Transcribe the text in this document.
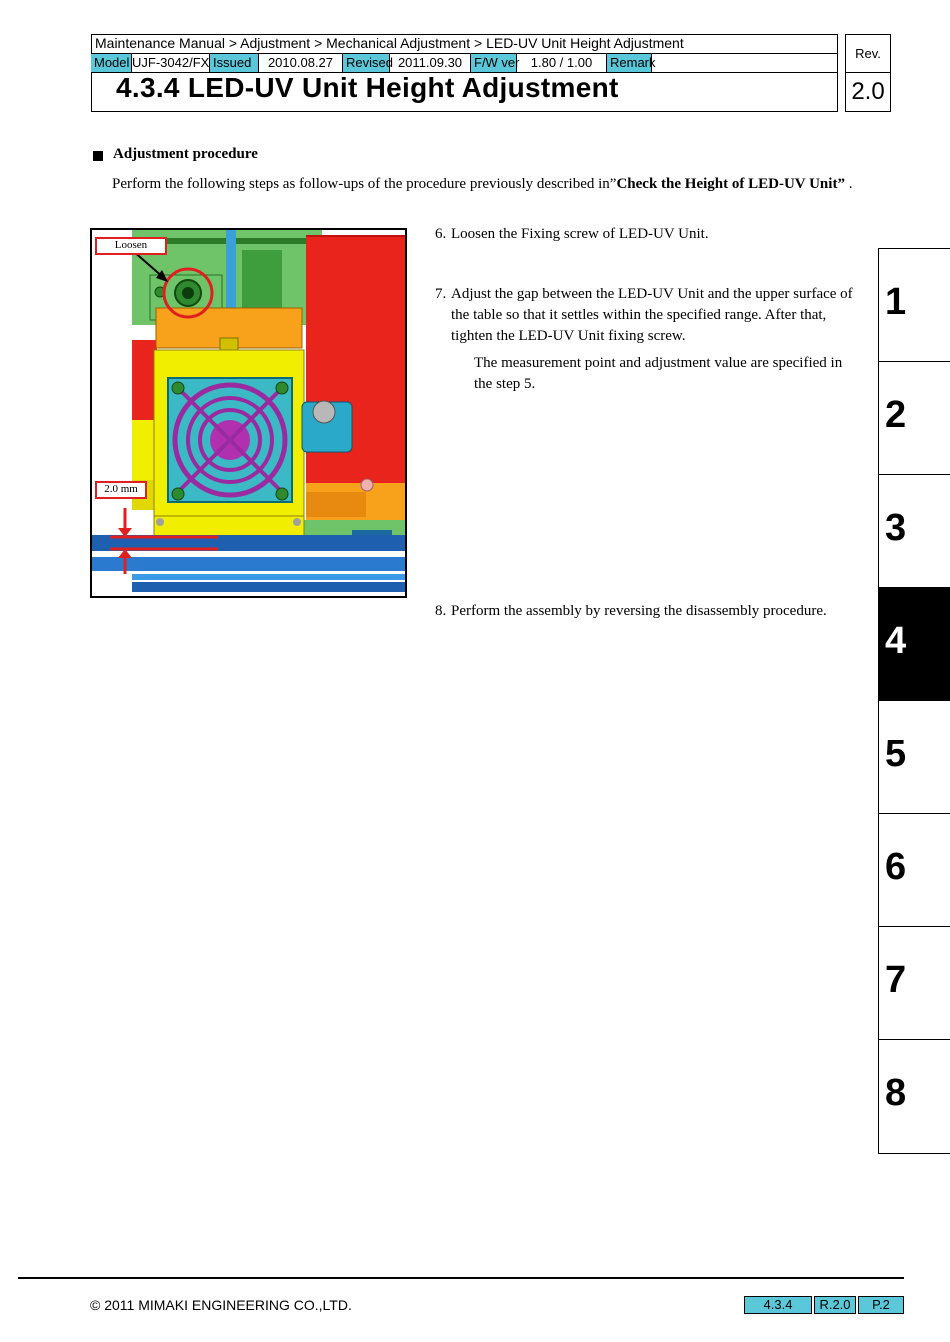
Maintenance Manual > Adjustment > Mechanical Adjustment > LED-UV Unit Height Adjustment
Model UJF-3042/FX Issued	2010.08.27 Revised 2011.09.30 F/W ver 1.80 / 1.00	Remark
4.3.4 LED-UV Unit Height Adjustment
Rev.
2.0
Adjustment procedure
Perform the following steps as follow-ups of the procedure previously described in”Check the Height of LED-UV Unit” .
6. Loosen the Fixing screw of LED-UV Unit.
7. Adjust the gap between the LED-UV Unit and the upper surface of the table so that it settles within the specified range. After that, tighten the LED-UV Unit fixing screw.
The measurement point and adjustment value are specified in the step 5.
8. Perform the assembly by reversing the disassembly procedure.
Loosen
2.0 mm
1
2
3
4
5
6
7
8
© 2011 MIMAKI ENGINEERING CO.,LTD.	4.3.4	R.2.0	P.2
